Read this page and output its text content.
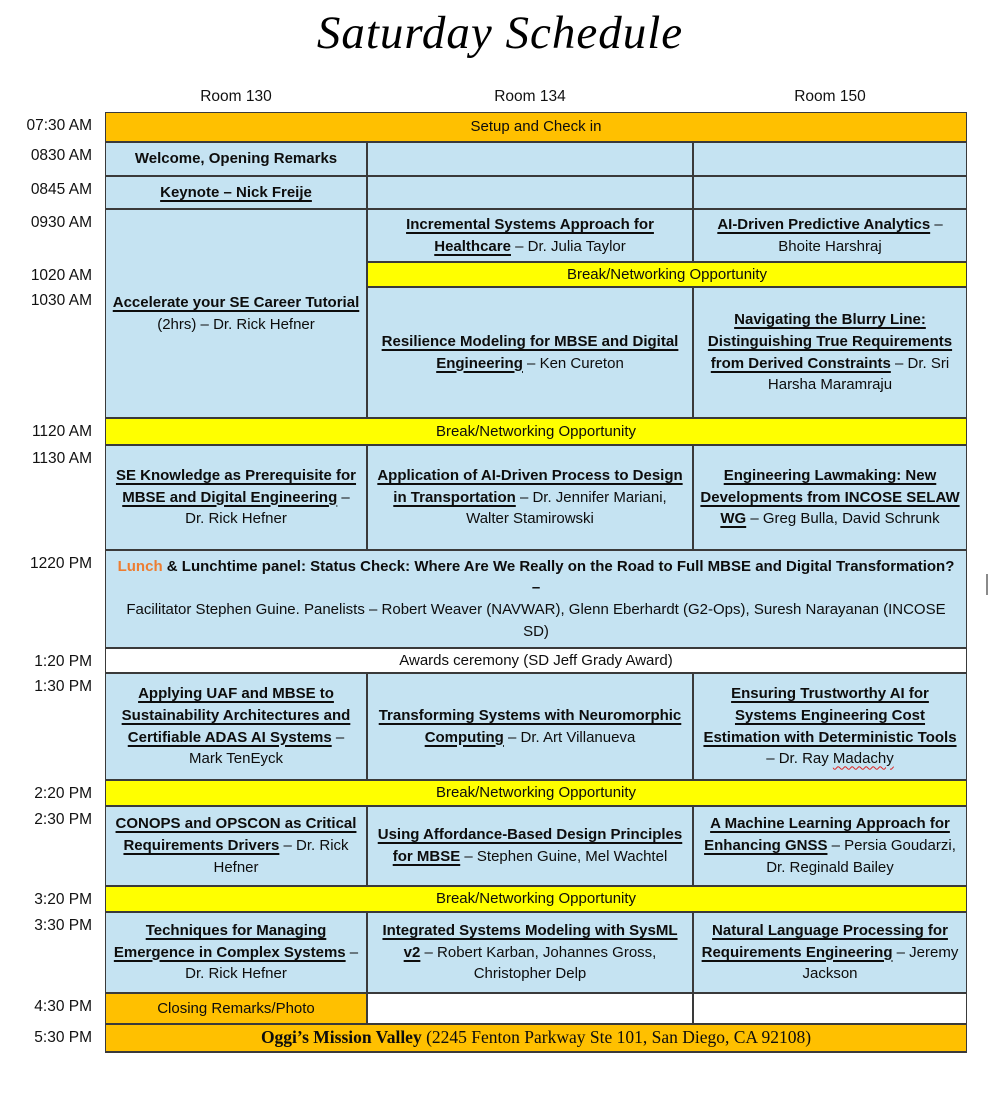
Saturday Schedule
Room 130	Room 134	Room 150
07:30 AM
0830 AM
0845 AM
0930 AM
1020 AM
1030 AM
1120 AM
1130 AM
1220 PM
1:20 PM
1:30 PM
2:20 PM
2:30 PM
3:20 PM
3:30 PM
4:30 PM
5:30 PM
Setup and Check in
Welcome, Opening Remarks
Keynote – Nick Freije
Accelerate your SE Career Tutorial (2hrs) – Dr. Rick Hefner
Incremental Systems Approach for Healthcare – Dr. Julia Taylor
AI-Driven Predictive Analytics – Bhoite Harshraj
Break/Networking Opportunity
Resilience Modeling for MBSE and Digital Engineering – Ken Cureton
Navigating the Blurry Line: Distinguishing True Requirements from Derived Constraints – Dr. Sri Harsha Maramraju
Break/Networking Opportunity
SE Knowledge as Prerequisite for MBSE and Digital Engineering – Dr. Rick Hefner
Application of AI-Driven Process to Design in Transportation – Dr. Jennifer Mariani, Walter Stamirowski
Engineering Lawmaking: New Developments from INCOSE SELAW WG – Greg Bulla, David Schrunk
Lunch & Lunchtime panel: Status Check: Where Are We Really on the Road to Full MBSE and Digital Transformation? –
Facilitator Stephen Guine. Panelists – Robert Weaver (NAVWAR), Glenn Eberhardt (G2-Ops), Suresh Narayanan (INCOSE SD)
Awards ceremony (SD Jeff Grady Award)
Applying UAF and MBSE to Sustainability Architectures and Certifiable ADAS AI Systems – Mark TenEyck
Transforming Systems with Neuromorphic Computing – Dr. Art Villanueva
Ensuring Trustworthy AI for Systems Engineering Cost Estimation with Deterministic Tools – Dr. Ray Madachy
Break/Networking Opportunity
CONOPS and OPSCON as Critical Requirements Drivers – Dr. Rick Hefner
Using Affordance-Based Design Principles for MBSE – Stephen Guine, Mel Wachtel
A Machine Learning Approach for Enhancing GNSS – Persia Goudarzi, Dr. Reginald Bailey
Break/Networking Opportunity
Techniques for Managing Emergence in Complex Systems – Dr. Rick Hefner
Integrated Systems Modeling with SysML v2 – Robert Karban, Johannes Gross, Christopher Delp
Natural Language Processing for Requirements Engineering – Jeremy Jackson
Closing Remarks/Photo
Oggi’s Mission Valley (2245 Fenton Parkway Ste 101, San Diego, CA 92108)
